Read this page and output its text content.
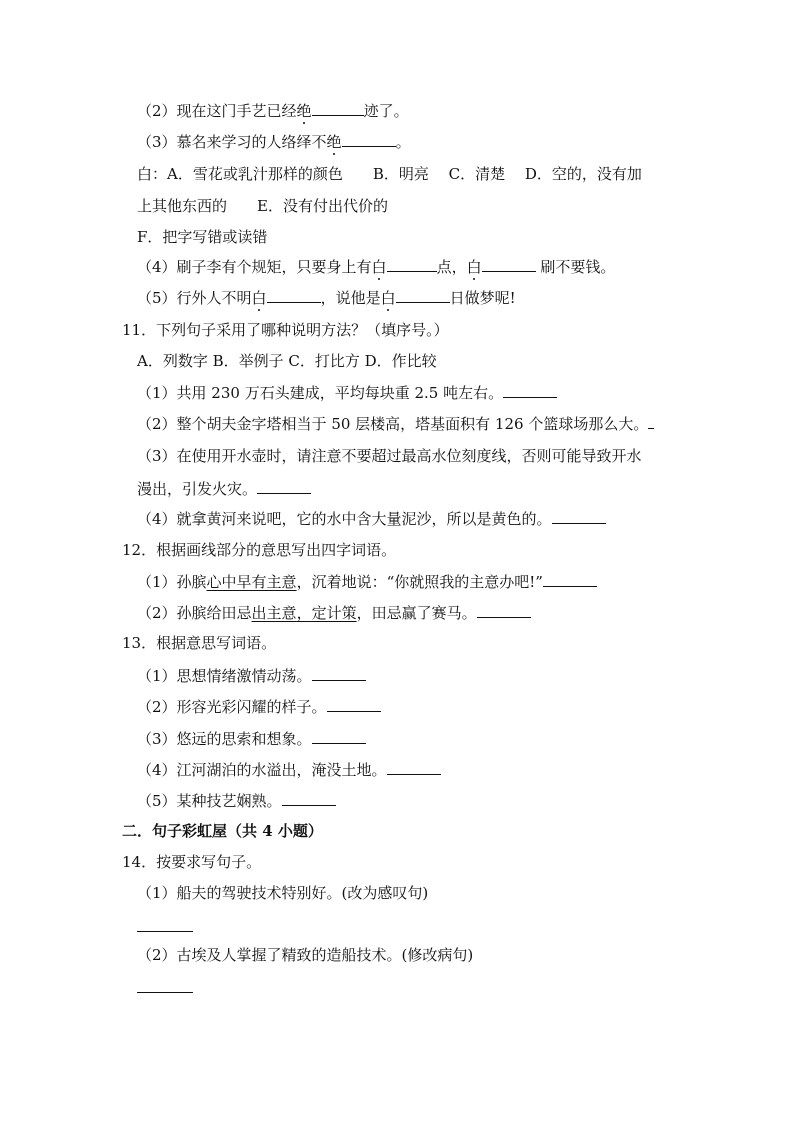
（2）现在这门手艺已经绝	迹了。
（3）慕名来学习的人络绎不绝	。
白：A．雪花或乳汁那样的颜色　　B．明亮　 C．清楚　 D．空的，没有加
上其他东西的　　E．没有付出代价的
F．把字写错或读错
（4）刷子李有个规矩，只要身上有白	点，白	刷不要钱。
（5）行外人不明白	，说他是白	日做梦呢!
11．下列句子采用了哪种说明方法？（填序号。）
A．列数字 B．举例子 C．打比方 D．作比较
（1）共用 230 万石头建成，平均每块重 2.5 吨左右。
（2）整个胡夫金字塔相当于 50 层楼高，塔基面积有 126 个篮球场那么大。
（3）在使用开水壶时，请注意不要超过最高水位刻度线，否则可能导致开水
漫出，引发火灾。
（4）就拿黄河来说吧，它的水中含大量泥沙，所以是黄色的。
12．根据画线部分的意思写出四字词语。
（1）孙膑心中早有主意，沉着地说：“你就照我的主意办吧!”
（2）孙膑给田忌出主意，定计策，田忌赢了赛马。
13．根据意思写词语。
（1）思想情绪激情动荡。
（2）形容光彩闪耀的样子。
（3）悠远的思索和想象。
（4）江河湖泊的水溢出，淹没土地。
（5）某种技艺娴熟。
二．句子彩虹屋（共 4 小题）
14．按要求写句子。
（1）船夫的驾驶技术特别好。(改为感叹句)
（2）古埃及人掌握了精致的造船技术。(修改病句)
